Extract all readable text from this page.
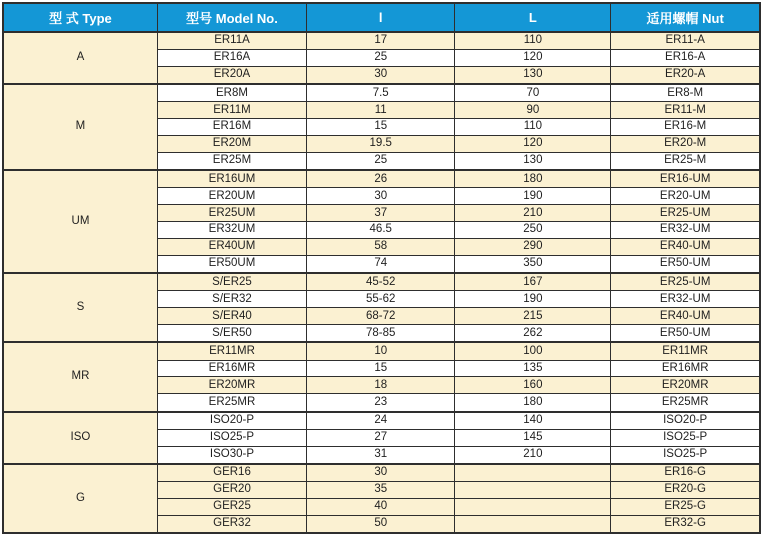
型 式 Type	型号 Model No.	l	L	适用螺帽 Nut
A	ER11A	17	110	ER11-A
	ER16A	25	120	ER16-A
	ER20A	30	130	ER20-A
M	ER8M	7.5	70	ER8-M
	ER11M	11	90	ER11-M
	ER16M	15	110	ER16-M
	ER20M	19.5	120	ER20-M
	ER25M	25	130	ER25-M
UM	ER16UM	26	180	ER16-UM
	ER20UM	30	190	ER20-UM
	ER25UM	37	210	ER25-UM
	ER32UM	46.5	250	ER32-UM
	ER40UM	58	290	ER40-UM
	ER50UM	74	350	ER50-UM
S	S/ER25	45-52	167	ER25-UM
	S/ER32	55-62	190	ER32-UM
	S/ER40	68-72	215	ER40-UM
	S/ER50	78-85	262	ER50-UM
MR	ER11MR	10	100	ER11MR
	ER16MR	15	135	ER16MR
	ER20MR	18	160	ER20MR
	ER25MR	23	180	ER25MR
ISO	ISO20-P	24	140	ISO20-P
	ISO25-P	27	145	ISO25-P
	ISO30-P	31	210	ISO25-P
G	GER16	30		ER16-G
	GER20	35		ER20-G
	GER25	40		ER25-G
	GER32	50		ER32-G
